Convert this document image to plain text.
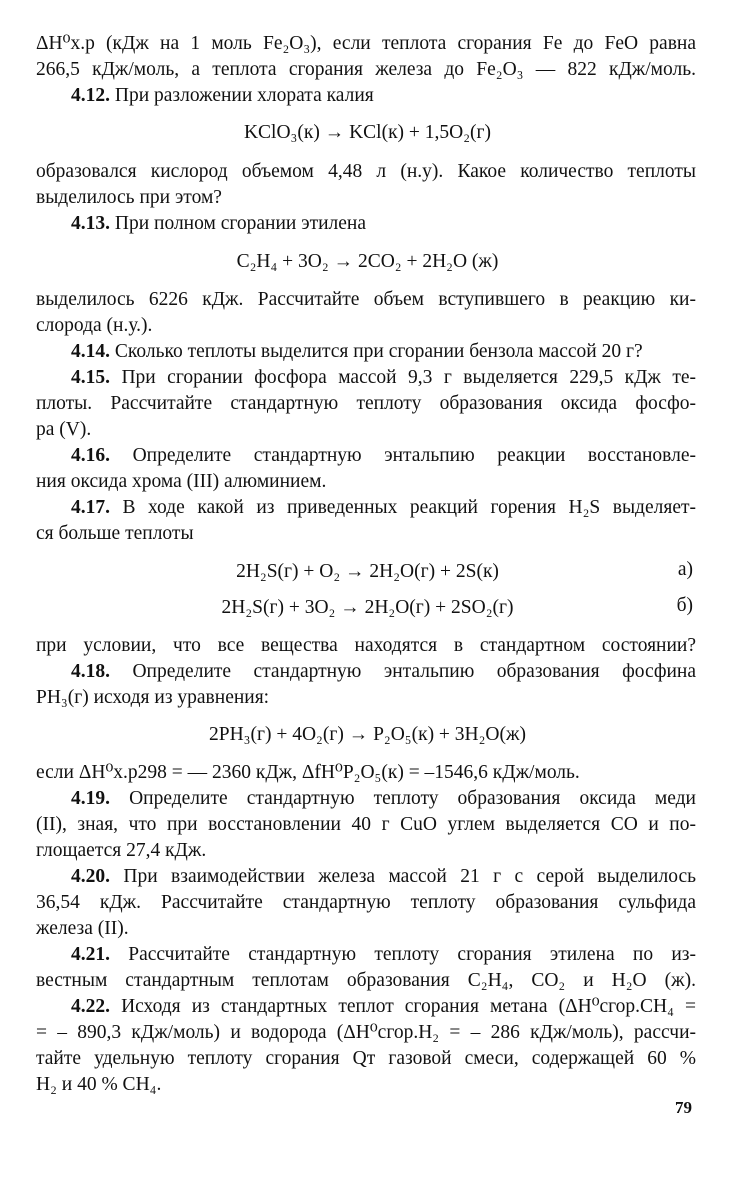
ΔH⁰х.р (кДж на 1 моль Fe₂O₃), если теплота сгорания Fe до FeO равна

266,5 кДж/моль, а теплота сгорания железа до Fe₂O₃ — 822 кДж/моль.

4.12. При разложении хлората калия

KClO₃(к) → KCl(к) + 1,5O₂(г)

образовался кислород объемом 4,48 л (н.у). Какое количество теплоты

выделилось при этом?

4.13. При полном сгорании этилена

C₂H₄ + 3O₂ → 2CO₂ + 2H₂O (ж)

выделилось 6226 кДж. Рассчитайте объем вступившего в реакцию ки-

слорода (н.у.).

4.14. Сколько теплоты выделится при сгорании бензола массой 20 г?

4.15. При сгорании фосфора массой 9,3 г выделяется 229,5 кДж те-

плоты. Рассчитайте стандартную теплоту образования оксида фосфо-

ра (V).

4.16. Определите стандартную энтальпию реакции восстановле-

ния оксида хрома (III) алюминием.

4.17. В ходе какой из приведенных реакций горения H₂S выделяет-

ся больше теплоты

2H₂S(г) + O₂ → 2H₂O(г) + 2S(к)	а)

2H₂S(г) + 3O₂ → 2H₂O(г) + 2SO₂(г)	б)

при условии, что все вещества находятся в стандартном состоянии?

4.18. Определите стандартную энтальпию образования фосфина

PH₃(г) исходя из уравнения:

2PH₃(г) + 4O₂(г) → P₂O₅(к) + 3H₂O(ж)

если ΔH⁰х.р298 = — 2360 кДж, ΔfH⁰P₂O₅(к) = –1546,6 кДж/моль.

4.19. Определите стандартную теплоту образования оксида меди

(II), зная, что при восстановлении 40 г CuO углем выделяется CO и по-

глощается 27,4 кДж.

4.20. При взаимодействии железа массой 21 г с серой выделилось

36,54 кДж. Рассчитайте стандартную теплоту образования сульфида

железа (II).

4.21. Рассчитайте стандартную теплоту сгорания этилена по из-

вестным стандартным теплотам образования C₂H₄, CO₂ и H₂O (ж).

4.22. Исходя из стандартных теплот сгорания метана (ΔH⁰сгор.CH₄ =

= – 890,3 кДж/моль) и водорода (ΔH⁰сгор.H₂ = – 286 кДж/моль), рассчи-

тайте удельную теплоту сгорания Qт газовой смеси, содержащей 60 %

H₂ и 40 % CH₄.

79
